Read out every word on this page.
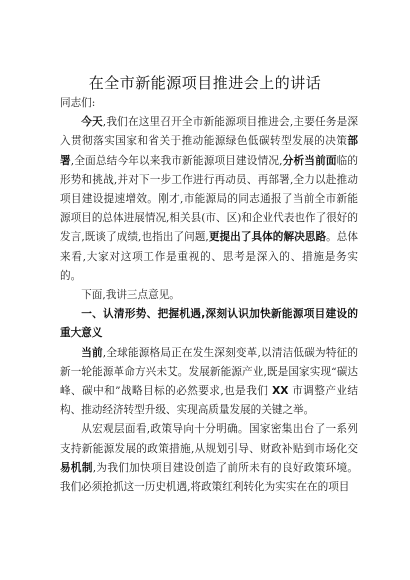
在全市新能源项目推进会上的讲话

同志们:

今天,我们在这里召开全市新能源项目推进会,主要任务是深入贯彻落实国家和省关于推动能源绿色低碳转型发展的决策部署,全面总结今年以来我市新能源项目建设情况,分析当前面临的形势和挑战,并对下一步工作进行再动员、再部署,全力以赴推动项目建设提速增效。刚才,市能源局的同志通报了当前全市新能源项目的总体进展情况,相关县(市、区)和企业代表也作了很好的发言,既谈了成绩,也指出了问题,更提出了具体的解决思路。总体来看,大家对这项工作是重视的、思考是深入的、措施是务实的。

下面,我讲三点意见。

一、认清形势、把握机遇,深刻认识加快新能源项目建设的重大意义

当前,全球能源格局正在发生深刻变革,以清洁低碳为特征的新一轮能源革命方兴未艾。发展新能源产业,既是国家实现“碳达峰、碳中和”战略目标的必然要求,也是我们 XX 市调整产业结构、推动经济转型升级、实现高质量发展的关键之举。

从宏观层面看,政策导向十分明确。国家密集出台了一系列支持新能源发展的政策措施,从规划引导、财政补贴到市场化交易机制,为我们加快项目建设创造了前所未有的良好政策环境。我们必须抢抓这一历史机遇,将政策红利转化为实实在在的项目
